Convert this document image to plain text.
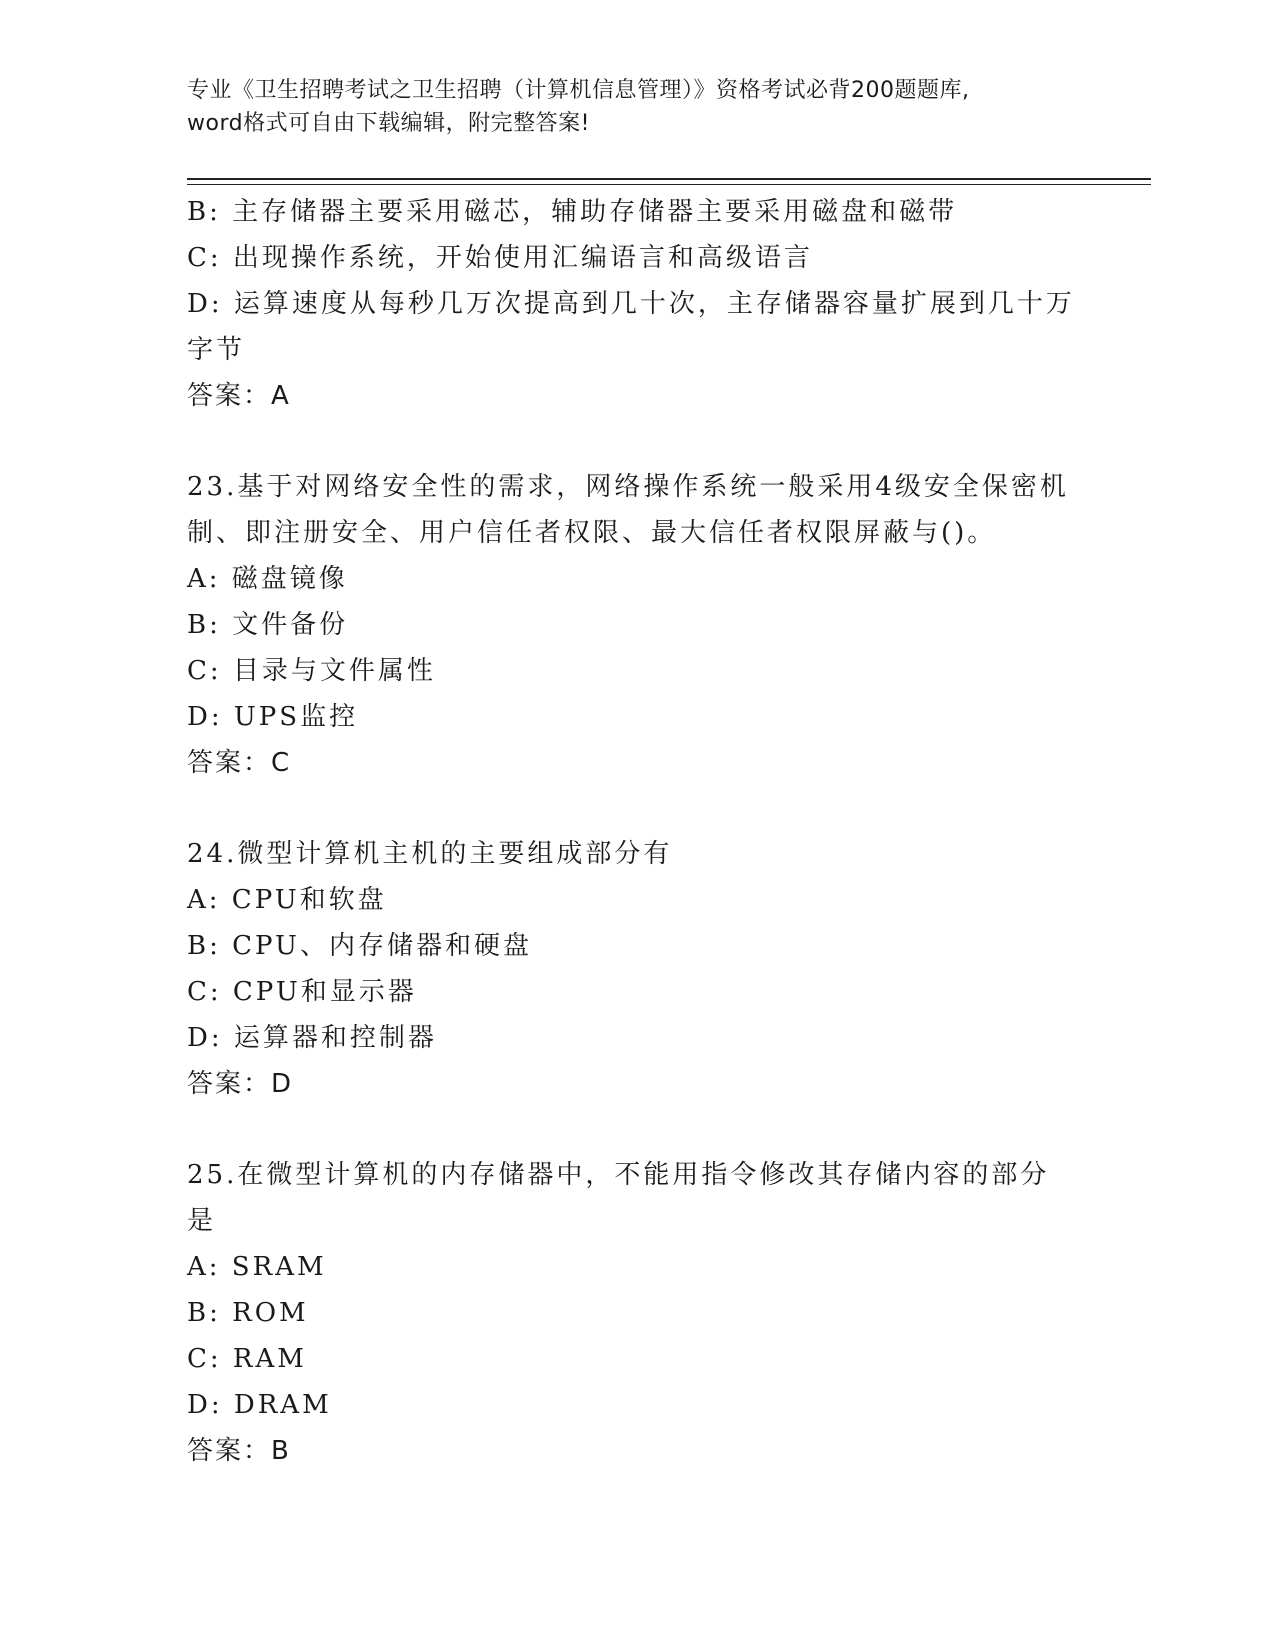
专业《卫生招聘考试之卫生招聘（计算机信息管理）》资格考试必背200题题库,
word格式可自由下载编辑，附完整答案!
B: 主存储器主要采用磁芯，辅助存储器主要采用磁盘和磁带
C: 出现操作系统，开始使用汇编语言和高级语言
D: 运算速度从每秒几万次提高到几十次，主存储器容量扩展到几十万
字节
答案：A
23.基于对网络安全性的需求，网络操作系统一般采用4级安全保密机
制、即注册安全、用户信任者权限、最大信任者权限屏蔽与()。
A: 磁盘镜像
B: 文件备份
C: 目录与文件属性
D: UPS监控
答案：C
24.微型计算机主机的主要组成部分有
A: CPU和软盘
B: CPU、内存储器和硬盘
C: CPU和显示器
D: 运算器和控制器
答案：D
25.在微型计算机的内存储器中，不能用指令修改其存储内容的部分是
A: SRAM
B: ROM
C: RAM
D: DRAM
答案：B
